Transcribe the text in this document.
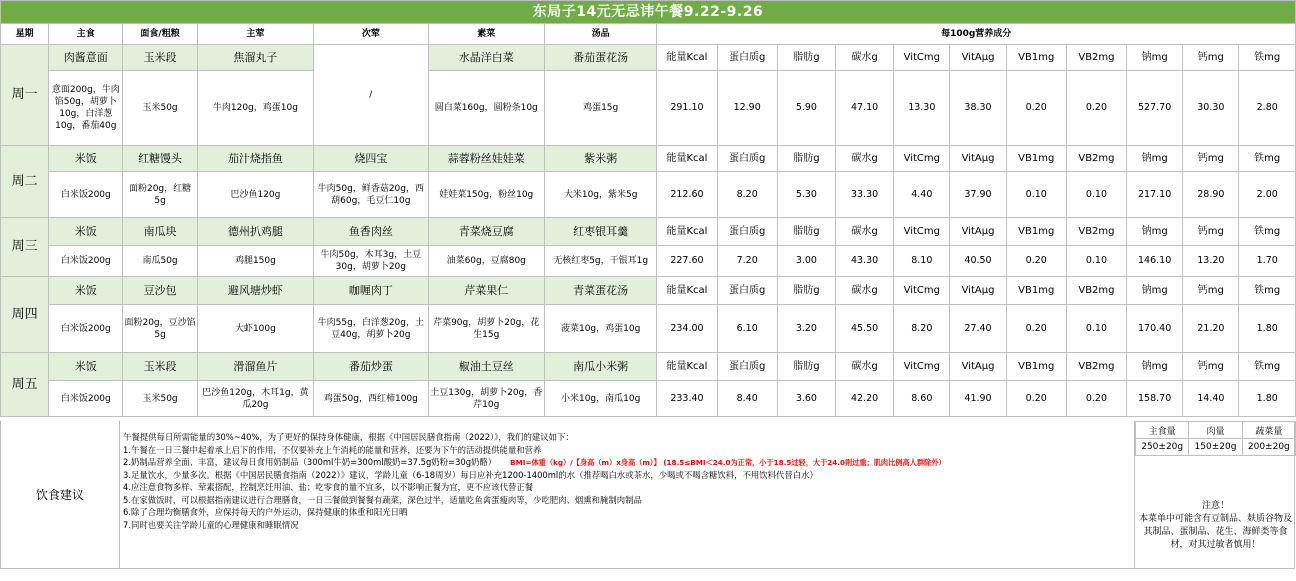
东局子14元无忌讳午餐9.22-9.26																	
星期	主食	面食/粗粮	主荤	次荤	素菜	汤品	每100g营养成分										
周一	肉酱意面	玉米段	焦溜丸子	/	水晶洋白菜	番茄蛋花汤	能量Kcal	蛋白质g	脂肪g	碳水g	VitCmg	VitAμg	VB1mg	VB2mg	钠mg	钙mg	铁mg
	意面200g，牛肉馅50g，胡萝卜10g，白洋葱10g，番茄40g	玉米50g	牛肉120g，鸡蛋10g		圆白菜160g，圆粉条10g	鸡蛋15g	291.10	12.90	5.90	47.10	13.30	38.30	0.20	0.20	527.70	30.30	2.80
周二	米饭	红糖馒头	茄汁烧指鱼	烧四宝	蒜蓉粉丝娃娃菜	紫米粥	能量Kcal	蛋白质g	脂肪g	碳水g	VitCmg	VitAμg	VB1mg	VB2mg	钠mg	钙mg	铁mg
	白米饭200g	面粉20g，红糖5g	巴沙鱼120g	牛肉50g，鲜香菇20g，西葫60g，毛豆仁10g	娃娃菜150g，粉丝10g	大米10g，紫米5g	212.60	8.20	5.30	33.30	4.40	37.90	0.10	0.10	217.10	28.90	2.00
周三	米饭	南瓜块	德州扒鸡腿	鱼香肉丝	青菜烧豆腐	红枣银耳羹	能量Kcal	蛋白质g	脂肪g	碳水g	VitCmg	VitAμg	VB1mg	VB2mg	钠mg	钙mg	铁mg
	白米饭200g	南瓜50g	鸡腿150g	牛肉50g，木耳3g，土豆30g，胡萝卜20g	油菜60g，豆腐80g	无核红枣5g，干银耳1g	227.60	7.20	3.00	43.30	8.10	40.50	0.20	0.10	146.10	13.20	1.70
周四	米饭	豆沙包	避风塘炒虾	咖喱肉丁	芹菜果仁	青菜蛋花汤	能量Kcal	蛋白质g	脂肪g	碳水g	VitCmg	VitAμg	VB1mg	VB2mg	钠mg	钙mg	铁mg
	白米饭200g	面粉20g，豆沙馅5g	大虾100g	牛肉55g，白洋葱20g，土豆40g，胡萝卜20g	芹菜90g，胡萝卜20g，花生15g	菠菜10g，鸡蛋10g	234.00	6.10	3.20	45.50	8.20	27.40	0.20	0.10	170.40	21.20	1.80
周五	米饭	玉米段	滑溜鱼片	番茄炒蛋	椒油土豆丝	南瓜小米粥	能量Kcal	蛋白质g	脂肪g	碳水g	VitCmg	VitAμg	VB1mg	VB2mg	钠mg	钙mg	铁mg
	白米饭200g	玉米50g	巴沙鱼120g，木耳1g，黄瓜20g	鸡蛋50g，西红柿100g	土豆130g，胡萝卜20g，香芹10g	小米10g，南瓜10g	233.40	8.40	3.60	42.20	8.60	41.90	0.20	0.20	158.70	14.40	1.80
饮食建议
午餐提供每日所需能量的30%~40%，为了更好的保持身体健康，根据《中国居民膳食指南（2022）》，我们的建议如下：
1.午餐在一日三餐中起着承上启下的作用，不仅要补充上午消耗的能量和营养，还要为下午的活动提供能量和营养
2.奶制品营养全面、丰富，建议每日食用奶制品（300ml牛奶=300ml酸奶=37.5g奶粉=30g奶酪） BMI=体重（kg）/【身高（m）x身高（m）】 (18.5≤BMI＜24.0为正常，小于18.5过轻，大于24.0则过重；肌肉比例高人群除外）
3.足量饮水，少量多次。根据《中国居民膳食指南（2022）》建议，学龄儿童（6-18周岁）每日应补充1200-1400ml的水（推荐喝白水或茶水，少喝或不喝含糖饮料，不用饮料代替白水）
4.应注意食物多样、荤素搭配，控制烹饪用油、盐；吃零食的量不宜多，以不影响正餐为宜，更不应该代替正餐
5.在家做饭时，可以根据指南建议进行合理膳食，一日三餐做到餐餐有蔬菜，深色过半，适量吃鱼禽蛋瘦肉等，少吃肥肉、烟熏和腌制肉制品
6.除了合理均衡膳食外，应保持每天的户外运动，保持健康的体重和阳光日晒
7.同时也要关注学龄儿童的心理健康和睡眠情况
主食量	肉量	蔬菜量
250±20g	150±20g	200±20g
注意！
本菜单中可能含有豆制品、麸质谷物及其制品、蛋制品、花生、海鲜类等食材，对其过敏者慎用！
